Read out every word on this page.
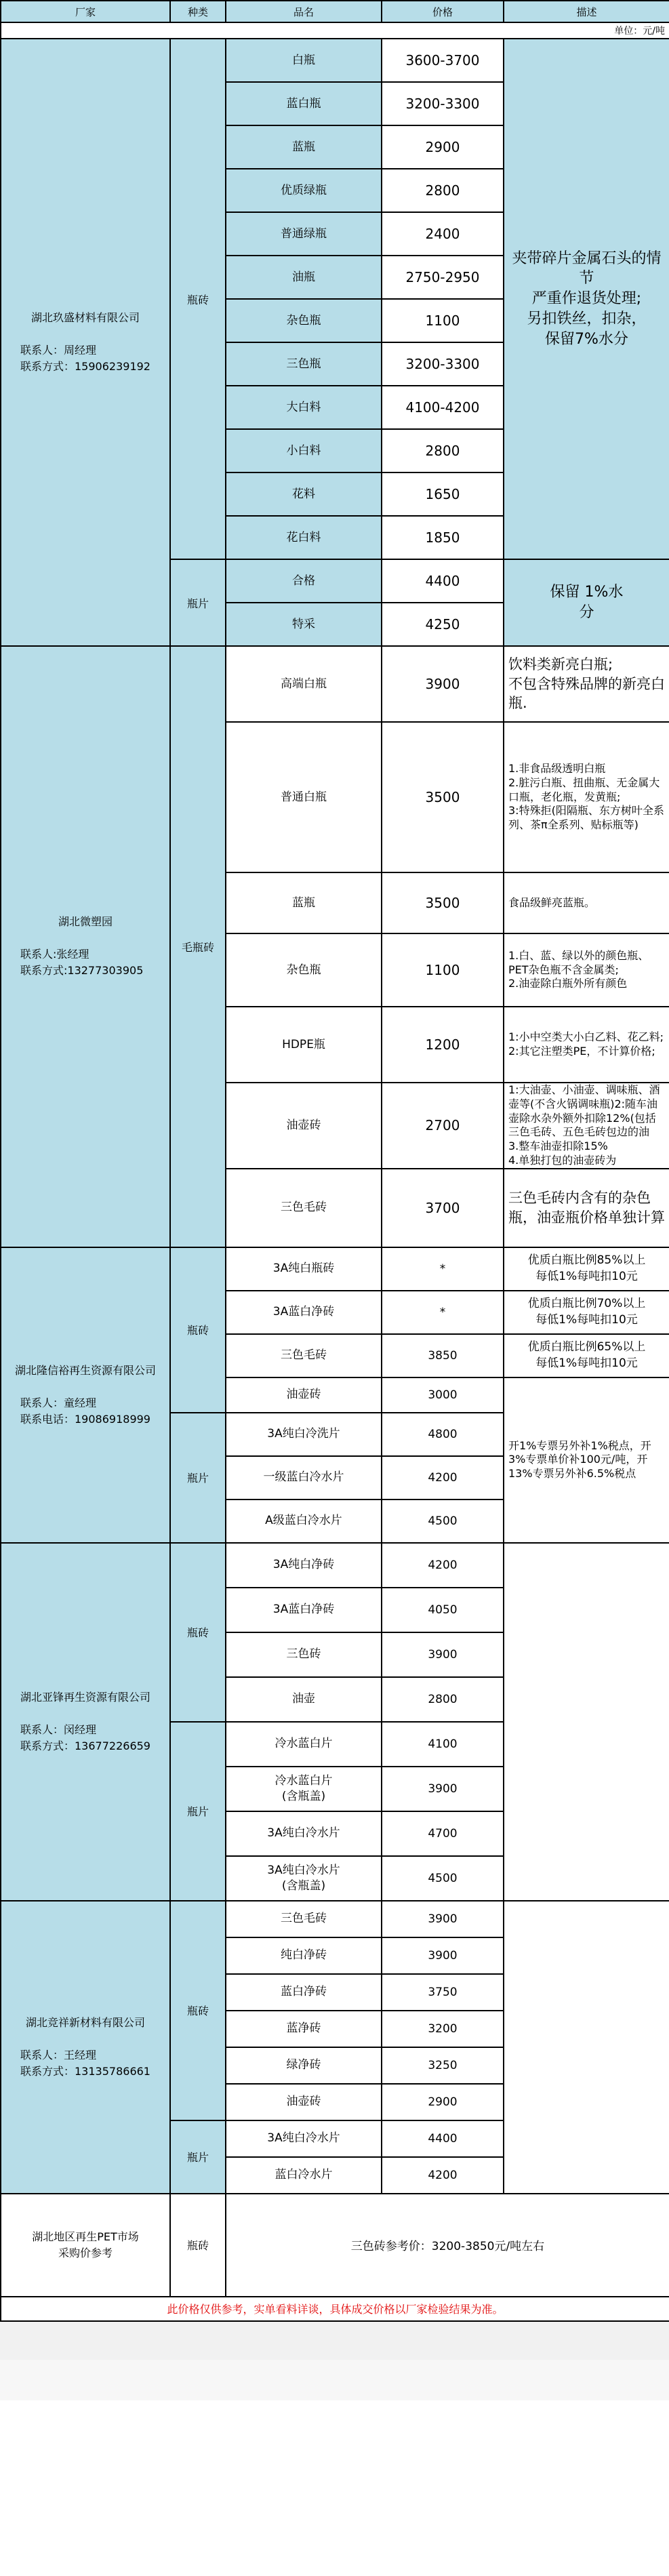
厂家	种类	品名	价格	描述
单位：元/吨				

湖北玖盛材料有限公司

联系人：周经理
联系方式：15906239192	瓶砖	白瓶	3600-3700	夹带碎片金属石头的情节
严重作退货处理;
另扣铁丝，扣杂，
保留7%水分
		蓝白瓶	3200-3300	
		蓝瓶	2900	
		优质绿瓶	2800	
		普通绿瓶	2400	
		油瓶	2750-2950	
		杂色瓶	1100	
		三色瓶	3200-3300	
		大白料	4100-4200	
		小白料	2800	
		花料	1650	
		花白料	1850	
	瓶片	合格	4400	保留 1%水
分
		特采	4250	

湖北微塑园

联系人:张经理
联系方式:13277303905	毛瓶砖	高端白瓶	3900	饮料类新亮白瓶;
不包含特殊品牌的新亮白瓶.
		普通白瓶	3500	1.非食品级透明白瓶
2.脏污白瓶、扭曲瓶、无金属大口瓶，老化瓶，发黄瓶;
3:特殊拒(阳隔瓶、东方树叶全系列、茶π全系列、贴标瓶等)
		蓝瓶	3500	食品级鲜亮蓝瓶。
		杂色瓶	1100	1.白、蓝、绿以外的颜色瓶、PET杂色瓶不含金属类;
2.油壶除白瓶外所有颜色
		HDPE瓶	1200	1:小中空类大小白乙料、花乙料;
2:其它注塑类PE，不计算价格;
		油壶砖	2700	1:大油壶、小油壶、调味瓶、酒壶等(不含火锅调味瓶)2:随车油壶除水杂外额外扣除12%(包括三色毛砖、五色毛砖包边的油
3.整车油壶扣除15%
4.单独打包的油壶砖为
		三色毛砖	3700	三色毛砖内含有的杂色瓶，油壶瓶价格单独计算

湖北隆信裕再生资源有限公司

联系人：童经理
联系电话：19086918999	瓶砖	3A纯白瓶砖	*	优质白瓶比例85%以上
每低1%每吨扣10元
		3A蓝白净砖	*	优质白瓶比例70%以上
每低1%每吨扣10元
		三色毛砖	3850	优质白瓶比例65%以上
每低1%每吨扣10元
		油壶砖	3000	开1%专票另外补1%税点，开3%专票单价补100元/吨，开13%专票另外补6.5%税点
	瓶片	3A纯白冷洗片	4800	
		一级蓝白冷水片	4200	
		A级蓝白冷水片	4500	

湖北亚锋再生资源有限公司

联系人：闵经理
联系方式：13677226659	瓶砖	3A纯白净砖	4200	
		3A蓝白净砖	4050	
		三色砖	3900	
		油壶	2800	
	瓶片	冷水蓝白片	4100	
		冷水蓝白片
(含瓶盖)	3900	
		3A纯白冷水片	4700	
		3A纯白冷水片
(含瓶盖)	4500	

湖北竞祥新材料有限公司

联系人：王经理
联系方式：13135786661	瓶砖	三色毛砖	3900	
		纯白净砖	3900	
		蓝白净砖	3750	
		蓝净砖	3200	
		绿净砖	3250	
		油壶砖	2900	
	瓶片	3A纯白冷水片	4400	
		蓝白冷水片	4200	
湖北地区再生PET市场
采购价参考	瓶砖	三色砖参考价：3200-3850元/吨左右		
此价格仅供参考，实单看料详谈，具体成交价格以厂家检验结果为准。				
